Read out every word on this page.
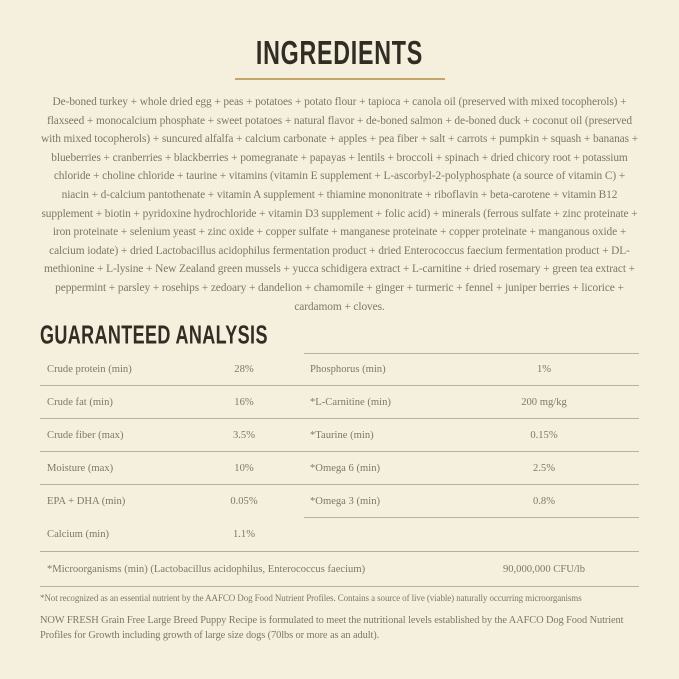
INGREDIENTS

De-boned turkey + whole dried egg + peas + potatoes + potato flour + tapioca + canola oil (preserved with mixed tocopherols) + flaxseed + monocalcium phosphate + sweet potatoes + natural flavor + de-boned salmon + de-boned duck + coconut oil (preserved with mixed tocopherols) + suncured alfalfa + calcium carbonate + apples + pea fiber + salt + carrots + pumpkin + squash + bananas + blueberries + cranberries + blackberries + pomegranate + papayas + lentils + broccoli + spinach + dried chicory root + potassium chloride + choline chloride + taurine + vitamins (vitamin E supplement + L-ascorbyl-2-polyphosphate (a source of vitamin C) + niacin + d-calcium pantothenate + vitamin A supplement + thiamine mononitrate + riboflavin + beta-carotene + vitamin B12 supplement + biotin + pyridoxine hydrochloride + vitamin D3 supplement + folic acid) + minerals (ferrous sulfate + zinc proteinate + iron proteinate + selenium yeast + zinc oxide + copper sulfate + manganese proteinate + copper proteinate + manganous oxide + calcium iodate) + dried Lactobacillus acidophilus fermentation product + dried Enterococcus faecium fermentation product + DL-methionine + L-lysine + New Zealand green mussels + yucca schidigera extract + L-carnitine + dried rosemary + green tea extract + peppermint + parsley + rosehips + zedoary + dandelion + chamomile + ginger + turmeric + fennel + juniper berries + licorice + cardamom + cloves.

GUARANTEED ANALYSIS
Crude protein (min)	28%	Phosphorus (min)	1%
Crude fat (min)	16%	*L-Carnitine (min)	200 mg/kg
Crude fiber (max)	3.5%	*Taurine (min)	0.15%
Moisture (max)	10%	*Omega 6 (min)	2.5%
EPA + DHA (min)	0.05%	*Omega 3 (min)	0.8%
Calcium (min)	1.1%
*Microorganisms (min) (Lactobacillus acidophilus, Enterococcus faecium)	90,000,000 CFU/lb

*Not recognized as an essential nutrient by the AAFCO Dog Food Nutrient Profiles. Contains a source of live (viable) naturally occurring microorganisms

NOW FRESH Grain Free Large Breed Puppy Recipe is formulated to meet the nutritional levels established by the AAFCO Dog Food Nutrient Profiles for Growth including growth of large size dogs (70lbs or more as an adult).
